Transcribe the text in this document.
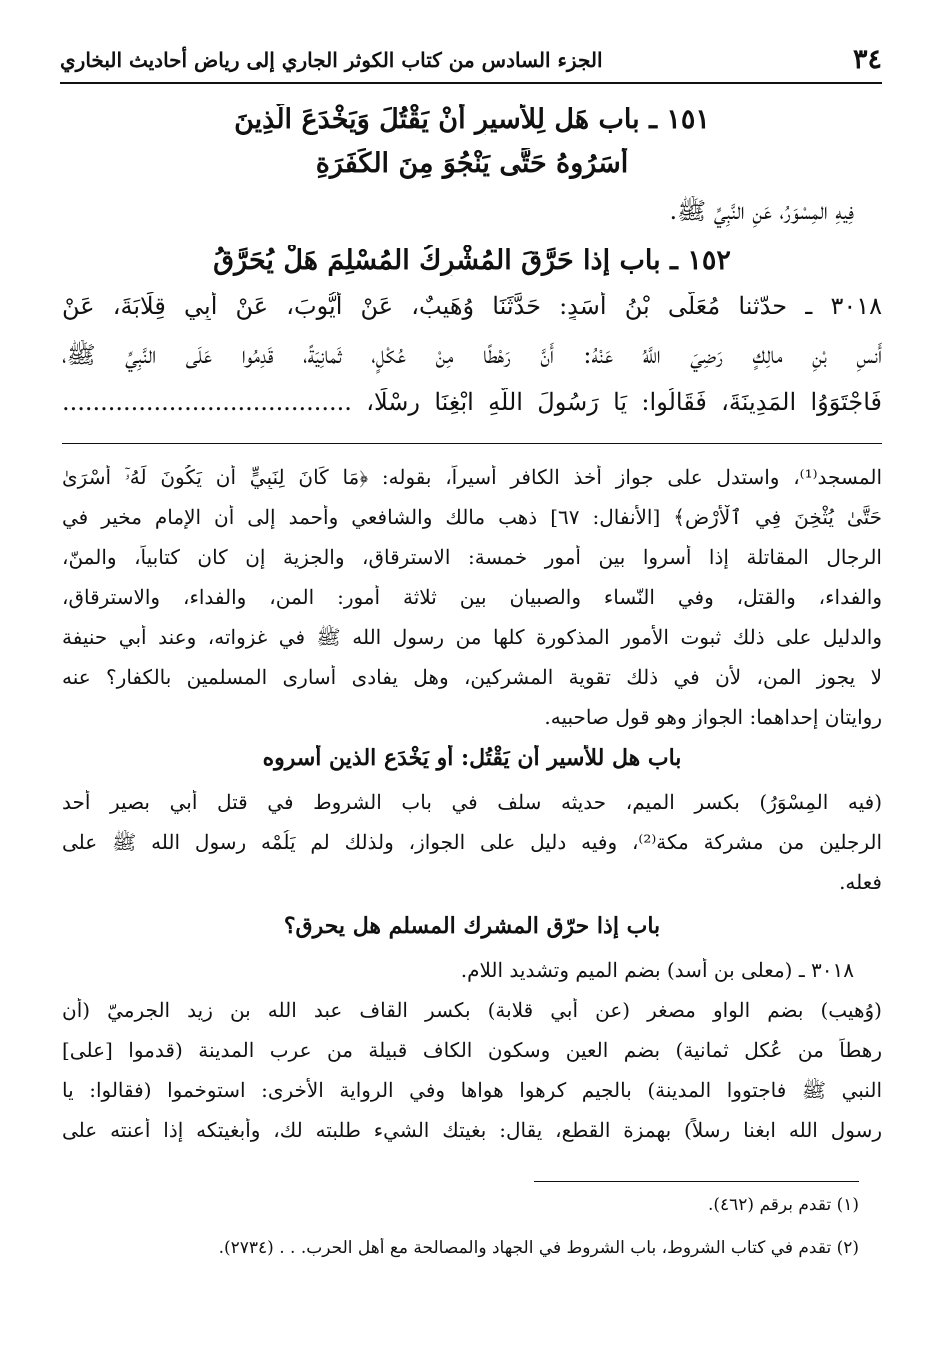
٣٤
الجزء السادس من كتاب الكوثر الجاري إلى رياض أحاديث البخاري
١٥١ ـ باب هَل لِلأَسيرِ أَنْ يَقْتُلَ وَيَخْدَعَ الَّذِينَ
أَسَرُوهُ حَتَّى يَنْجُوَ مِنَ الكَفَرَةِ
فِيهِ المِسْوَرُ، عَنِ النَّبِيِّ ﷺ.
١٥٢ ـ باب إِذا حَرَّقَ المُشْرِكُ المُسْلِمَ هَلْ يُحَرَّقُ
٣٠١٨ ـ حدّثنا مُعَلَّى بْنُ أَسَدٍ: حَدَّثَنَا وُهَيبٌ، عَنْ أَيُّوبَ، عَنْ أَبِي قِلَابَةَ، عَنْ
أَنسِ بْنِ مالِكٍ رَضِيَ اللَّهُ عَنْهُ: أَنَّ رَهْطًا مِنْ عُكْلٍ، ثَمانِيَةً، قَدِمُوا عَلَى النَّبِيِّ ﷺ،
فَاجْتَوَوُا المَدِينَةَ، فَقَالُوا: يَا رَسُولَ اللَّهِ ابْغِنَا رِسْلًا، ......................................
المسجد⁽¹⁾، واستدل على جواز أخذ الكافر أسيراً، بقوله: ﴿مَا كَانَ لِنَبِيٍّ أَن يَكُونَ لَهُۥٓ أَسْرَىٰ
حَتَّىٰ يُثْخِنَ فِي ٱلْأَرْضِ﴾ [الأنفال: ٦٧] ذهب مالك والشافعي وأحمد إلى أن الإمام مخير في
الرجال المقاتلة إذا أسروا بين أمور خمسة: الاسترقاق، والجزية إن كان كتابياً، والمنّ،
والفداء، والقتل، وفي النّساء والصبيان بين ثلاثة أمور: المن، والفداء، والاسترقاق،
والدليل على ذلك ثبوت الأمور المذكورة كلها من رسول الله ﷺ في غزواته، وعند أبي حنيفة
لا يجوز المن، لأن في ذلك تقوية المشركين، وهل يفادى أسارى المسلمين بالكفار؟ عنه
روايتان إحداهما: الجواز وهو قول صاحبيه.
باب هل للأسير أن يَقْتُل: أو يَخْدَع الذين أسروه
(فيه المِسْوَرُ) بكسر الميم، حديثه سلف في باب الشروط في قتل أبي بصير أحد
الرجلين من مشركة مكة⁽²⁾، وفيه دليل على الجواز، ولذلك لم يَلُمْه رسول الله ﷺ على
فعله.
باب إذا حرّق المشرك المسلم هل يحرق؟
٣٠١٨ ـ (معلى بن أسد) بضم الميم وتشديد اللام.
(وُهيب) بضم الواو مصغر (عن أبي قلابة) بكسر القاف عبد الله بن زيد الجرميّ (أن
رهطاً من عُكل ثمانية) بضم العين وسكون الكاف قبيلة من عرب المدينة (قدموا [على]
النبي ﷺ فاجتووا المدينة) بالجيم كرهوا هواها وفي الرواية الأخرى: استوخموا (فقالوا: يا
رسول الله ابغنا رسلاً) بهمزة القطع، يقال: بغيتك الشيء طلبته لك، وأبغيتكه إذا أعنته على
(١) تقدم برقم (٤٦٢).
(٢) تقدم في كتاب الشروط، باب الشروط في الجهاد والمصالحة مع أهل الحرب. . . (٢٧٣٤).
